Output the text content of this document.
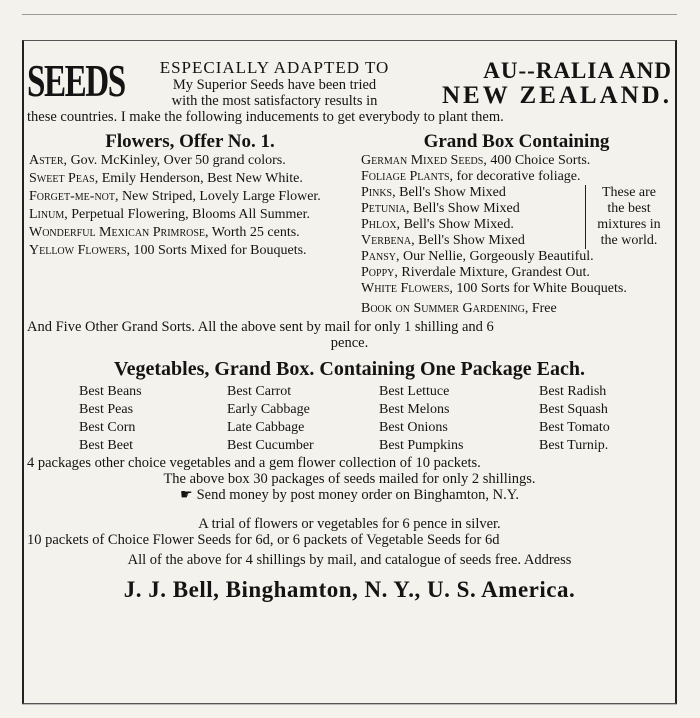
SEEDS	ESPECIALLY ADAPTED TO
My Superior Seeds have been tried
with the most satisfactory results in
AU--RALIA AND
NEW ZEALAND.
these countries. I make the following inducements to get everybody to plant them.
Flowers, Offer No. 1.
Aster, Gov. McKinley, Over 50 grand colors.
Sweet Peas, Emily Henderson, Best New White.
Forget-me-not, New Striped, Lovely Large Flower.
Linum, Perpetual Flowering, Blooms All Summer.
Wonderful Mexican Primrose, Worth 25 cents.
Yellow Flowers, 100 Sorts Mixed for Bouquets.
Grand Box Containing
German Mixed Seeds, 400 Choice Sorts.
Foliage Plants, for decorative foliage.
Pinks, Bell's Show Mixed
Petunia, Bell's Show Mixed
Phlox, Bell's Show Mixed.
Verbena, Bell's Show Mixed
These are
the best
mixtures in
the world.
Pansy, Our Nellie, Gorgeously Beautiful.
Poppy, Riverdale Mixture, Grandest Out.
White Flowers, 100 Sorts for White Bouquets.
Book on Summer Gardening, Free
And Five Other Grand Sorts. All the above sent by mail for only 1 shilling and 6
pence.
Vegetables, Grand Box. Containing One Package Each.
Best Beans	Best Carrot	Best Lettuce	Best Radish
Best Peas	Early Cabbage	Best Melons	Best Squash
Best Corn	Late Cabbage	Best Onions	Best Tomato
Best Beet	Best Cucumber	Best Pumpkins	Best Turnip.
4 packages other choice vegetables and a gem flower collection of 10 packets.
The above box 30 packages of seeds mailed for only 2 shillings.
☛ Send money by post money order on Binghamton, N.Y.
A trial of flowers or vegetables for 6 pence in silver.
10 packets of Choice Flower Seeds for 6d, or 6 packets of Vegetable Seeds for 6d
All of the above for 4 shillings by mail, and catalogue of seeds free. Address
J. J. Bell, Binghamton, N. Y., U. S. America.
